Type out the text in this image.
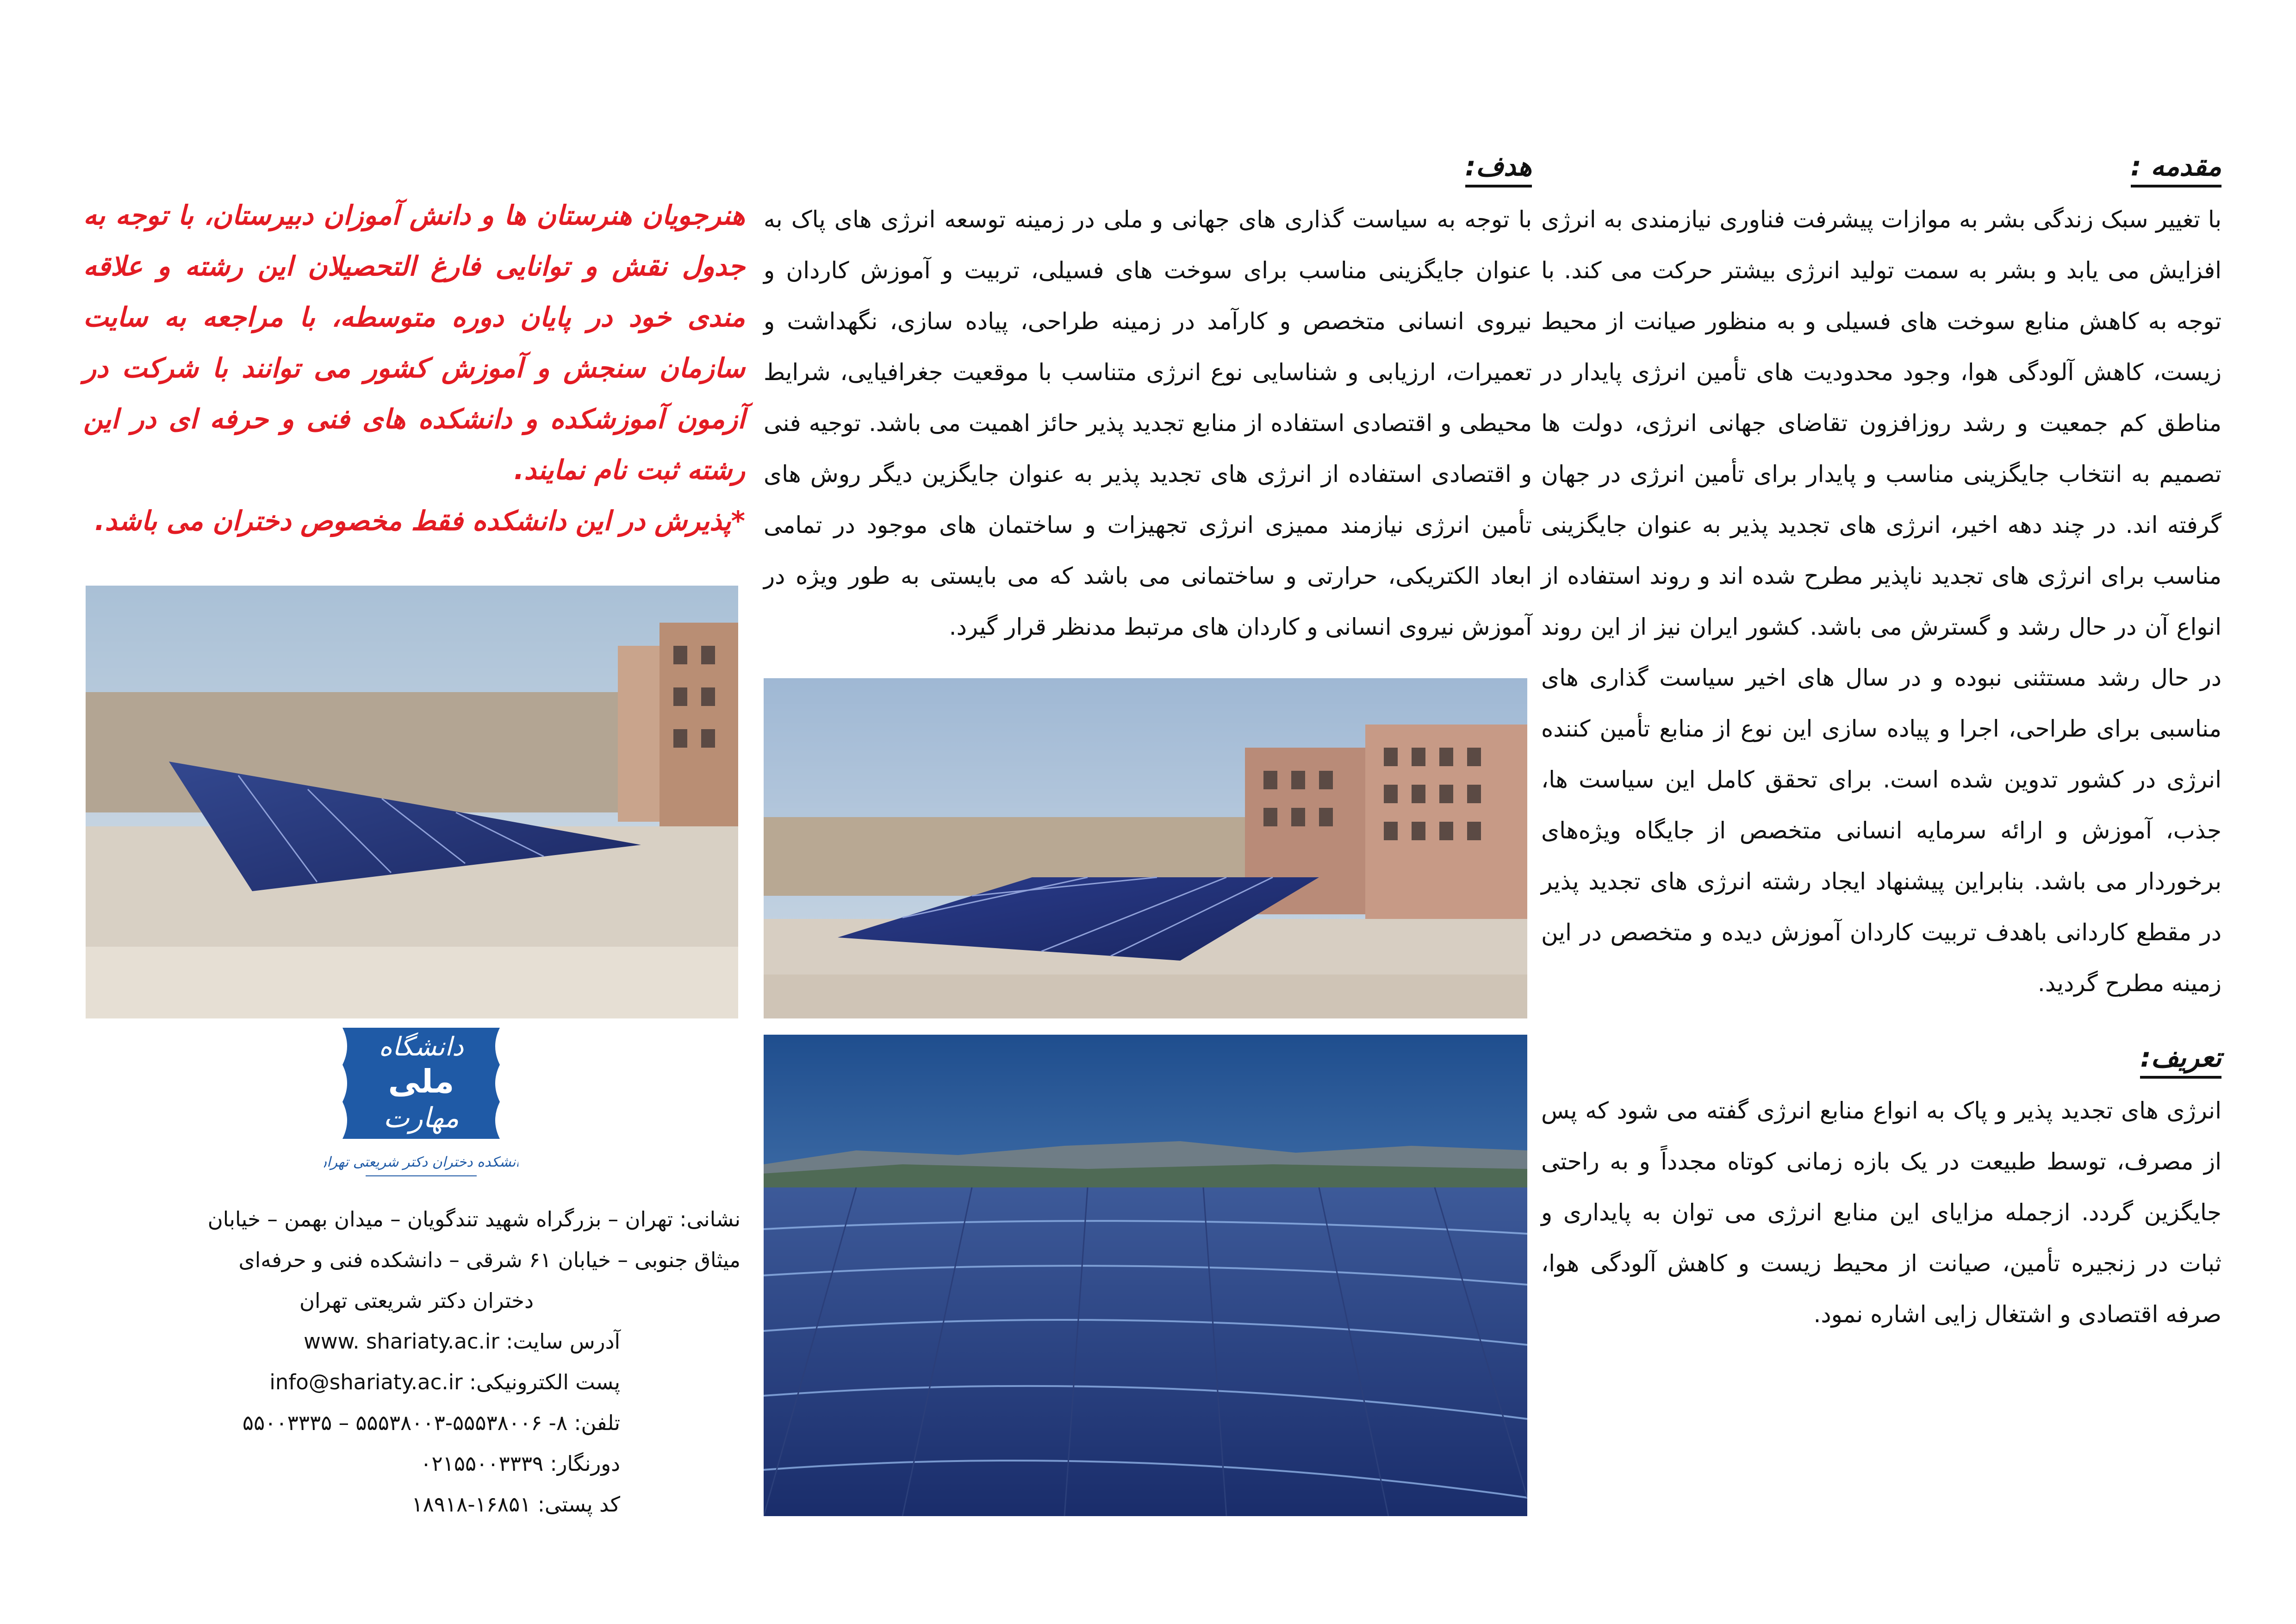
مقدمه :

با تغییر سبک زندگی بشر به موازات پیشرفت فناوری نیازمندی به انرژی افزایش می یابد و بشر به سمت تولید انرژی بیشتر حرکت می کند. با توجه به کاهش منابع سوخت های فسیلی و به منظور صیانت از محیط زیست، کاهش آلودگی هوا، وجود محدودیت های تأمین انرژی پایدار در مناطق کم جمعیت و رشد روزافزون تقاضای جهانی انرژی، دولت ها تصمیم به انتخاب جایگزینی مناسب و پایدار برای تأمین انرژی در جهان گرفته اند. در چند دهه اخیر، انرژی های تجدید پذیر به عنوان جایگزینی مناسب برای انرژی های تجدید ناپذیر مطرح شده اند و روند استفاده از انواع آن در حال رشد و گسترش می باشد. کشور ایران نیز از این روند در حال رشد مستثنی نبوده و در سال های اخیر سیاست گذاری های مناسبی برای طراحی، اجرا و پیاده سازی این نوع از منابع تأمین کننده انرژی در کشور تدوین شده است. برای تحقق کامل این سیاست ها، جذب، آموزش و ارائه سرمایه انسانی متخصص از جایگاه ویژه‌های برخوردار می باشد. بنابراین پیشنهاد ایجاد رشته انرژی های تجدید پذیر در مقطع کاردانی باهدف تربیت کاردان آموزش دیده و متخصص در این زمینه مطرح گردید.

تعریف:

انرژی های تجدید پذیر و پاک به انواع منابع انرژی گفته می شود که پس از مصرف، توسط طبیعت در یک بازه زمانی کوتاه مجدداً و به راحتی جایگزین گردد. ازجمله مزایای این منابع انرژی می توان به پایداری و ثبات در زنجیره تأمین، صیانت از محیط زیست و کاهش آلودگی هوا، صرفه اقتصادی و اشتغال زایی اشاره نمود.

هدف:

با توجه به سیاست گذاری های جهانی و ملی در زمینه توسعه انرژی های پاک به عنوان جایگزینی مناسب برای سوخت های فسیلی، تربیت و آموزش کاردان و نیروی انسانی متخصص و کارآمد در زمینه طراحی، پیاده سازی، نگهداشت و تعمیرات، ارزیابی و شناسایی نوع انرژی متناسب با موقعیت جغرافیایی، شرایط محیطی و اقتصادی استفاده از منابع تجدید پذیر حائز اهمیت می باشد. توجیه فنی و اقتصادی استفاده از انرژی های تجدید پذیر به عنوان جایگزین دیگر روش های تأمین انرژی نیازمند ممیزی انرژی تجهیزات و ساختمان های موجود در تمامی ابعاد الکتریکی، حرارتی و ساختمانی می باشد که می بایستی به طور ویژه در آموزش نیروی انسانی و کاردان های مرتبط مدنظر قرار گیرد.

هنرجویان هنرستان ها و دانش آموزان دبیرستان، با توجه به جدول نقش و توانایی فارغ التحصیلان این رشته و علاقه مندی خود در پایان دوره متوسطه، با مراجعه به سایت سازمان سنجش و آموزش کشور می توانند با شرکت در آزمون آموزشکده و دانشکده های فنی و حرفه ای در این رشته ثبت نام نمایند.

*پذیرش در این دانشکده فقط مخصوص دختران می باشد.

دانشگاه
ملی
مهارت
دانشکده دختران دکتر شریعتی تهران
نشانی: تهران – بزرگراه شهید تندگویان – میدان بهمن – خیابان
میثاق جنوبی – خیابان ۶۱ شرقی – دانشکده فنی و حرفه‌ای
دختران دکتر شریعتی تهران
آدرس سایت: www. shariaty.ac.ir
پست الکترونیکی: info@shariaty.ac.ir
تلفن: ۸- ۵۵۵۳۸۰۰۶-۵۵۵۳۸۰۰۳ – ۵۵۰۰۳۳۳۵
دورنگار: ۰۲۱۵۵۰۰۳۳۳۹
کد پستی: ۱۶۸۵۱-۱۸۹۱۸
